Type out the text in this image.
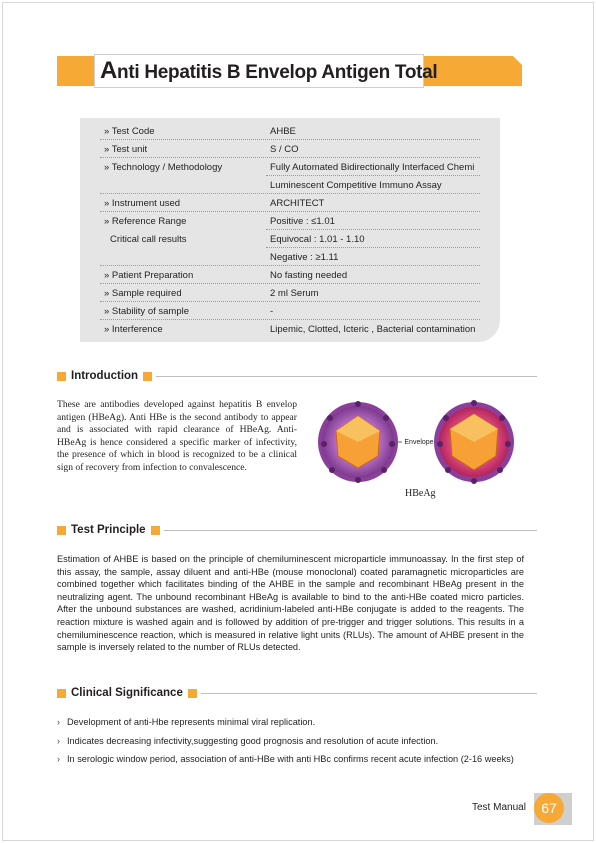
Anti Hepatitis B Envelop Antigen Total
» Test Code	AHBE
» Test unit	S / CO
» Technology / Methodology	Fully Automated Bidirectionally Interfaced Chemi
Luminescent Competitive Immuno Assay
» Instrument used	ARCHITECT
» Reference Range	Positive : ≤1.01
Critical call results	Equivocal : 1.01 - 1.10
Negative : ≥1.11
» Patient Preparation	No fasting needed
» Sample required	2 ml Serum
» Stability of sample	-
» Interference	Lipemic, Clotted, Icteric , Bacterial contamination
Introduction
These are antibodies developed against hepatitis B envelop antigen (HBeAg). Anti HBe is the second antibody to appear and is associated with rapid clearance of HBeAg. Anti-HBeAg is hence considered a specific marker of infectivity, the presence of which in blood is recognized to be a clinical sign of recovery from infection to convalescence.
Envelope
HBeAg
Test Principle
Estimation of AHBE is based on the principle of chemiluminescent microparticle immunoassay. In the first step of this assay, the sample, assay diluent and anti-HBe (mouse monoclonal) coated paramagnetic microparticles are combined together which facilitates binding of the AHBE in the sample and recombinant HBeAg present in the neutralizing agent. The unbound recombinant HBeAg is available to bind to the anti-HBe coated micro particles. After the unbound substances are washed, acridinium-labeled anti-HBe conjugate is added to the reagents. The reaction mixture is washed again and is followed by addition of pre-trigger and trigger solutions. This results in a chemiluminescence reaction, which is measured in relative light units (RLUs). The amount of AHBE present in the sample is inversely related to the number of RLUs detected.
Clinical Significance
› Development of anti-Hbe represents minimal viral replication.
› Indicates decreasing infectivity,suggesting good prognosis and resolution of acute infection.
› In serologic window period, association of anti-HBe with anti HBc confirms recent acute infection (2-16 weeks)
Test Manual	67
